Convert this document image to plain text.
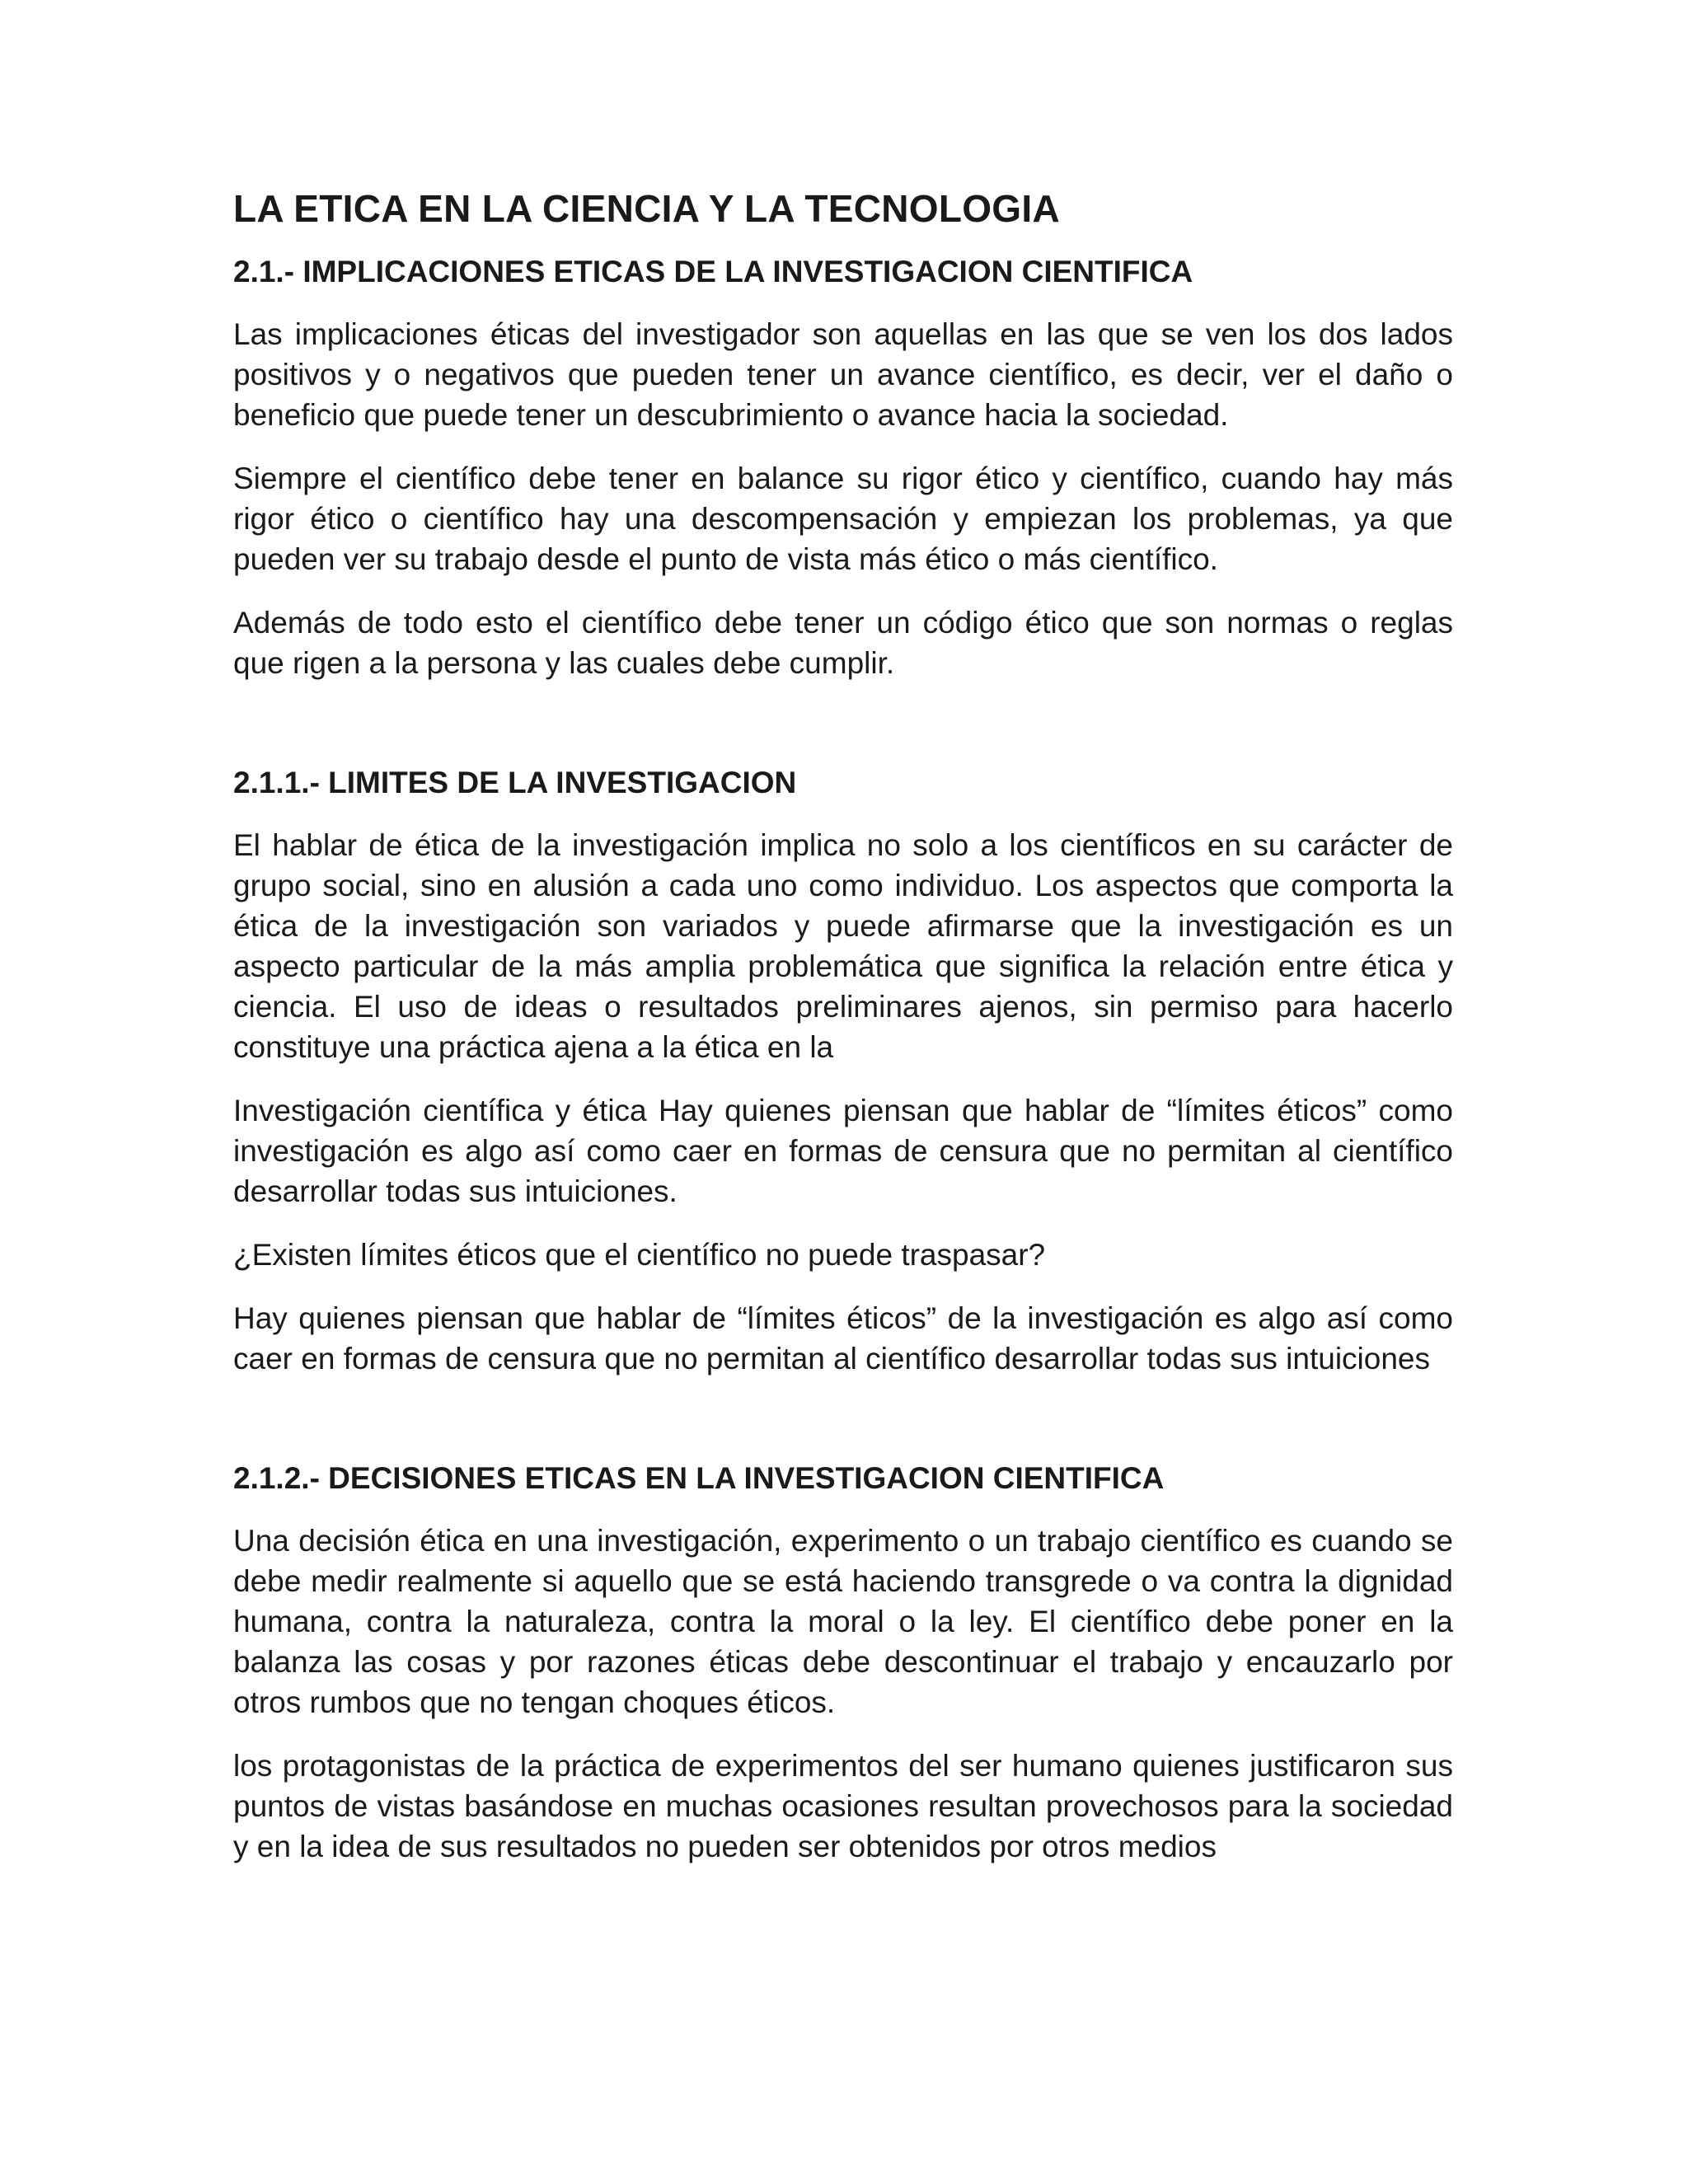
LA ETICA EN LA CIENCIA Y LA TECNOLOGIA
2.1.- IMPLICACIONES ETICAS DE LA INVESTIGACION CIENTIFICA

Las implicaciones éticas del investigador son aquellas en las que se ven los dos lados positivos y o negativos que pueden tener un avance científico, es decir, ver el daño o beneficio que puede tener un descubrimiento o avance hacia la sociedad.

Siempre el científico debe tener en balance su rigor ético y científico, cuando hay más rigor ético o científico hay una descompensación y empiezan los problemas, ya que pueden ver su trabajo desde el punto de vista más ético o más científico.

Además de todo esto el científico debe tener un código ético que son normas o reglas que rigen a la persona y las cuales debe cumplir.

2.1.1.- LIMITES DE LA INVESTIGACION

El hablar de ética de la investigación implica no solo a los científicos en su carácter de grupo social, sino en alusión a cada uno como individuo. Los aspectos que comporta la ética de la investigación son variados y puede afirmarse que la investigación es un aspecto particular de la más amplia problemática que significa la relación entre ética y ciencia. El uso de ideas o resultados preliminares ajenos, sin permiso para hacerlo constituye una práctica ajena a la ética en la

Investigación científica y ética Hay quienes piensan que hablar de “límites éticos” como investigación es algo así como caer en formas de censura que no permitan al científico desarrollar todas sus intuiciones.

¿Existen límites éticos que el científico no puede traspasar?

Hay quienes piensan que hablar de “límites éticos” de la investigación es algo así como caer en formas de censura que no permitan al científico desarrollar todas sus intuiciones

2.1.2.- DECISIONES ETICAS EN LA INVESTIGACION CIENTIFICA

Una decisión ética en una investigación, experimento o un trabajo científico es cuando se debe medir realmente si aquello que se está haciendo transgrede o va contra la dignidad humana, contra la naturaleza, contra la moral o la ley. El científico debe poner en la balanza las cosas y por razones éticas debe descontinuar el trabajo y encauzarlo por otros rumbos que no tengan choques éticos.

los protagonistas de la práctica de experimentos del ser humano quienes justificaron sus puntos de vistas basándose en muchas ocasiones resultan provechosos para la sociedad y en la idea de sus resultados no pueden ser obtenidos por otros medios
